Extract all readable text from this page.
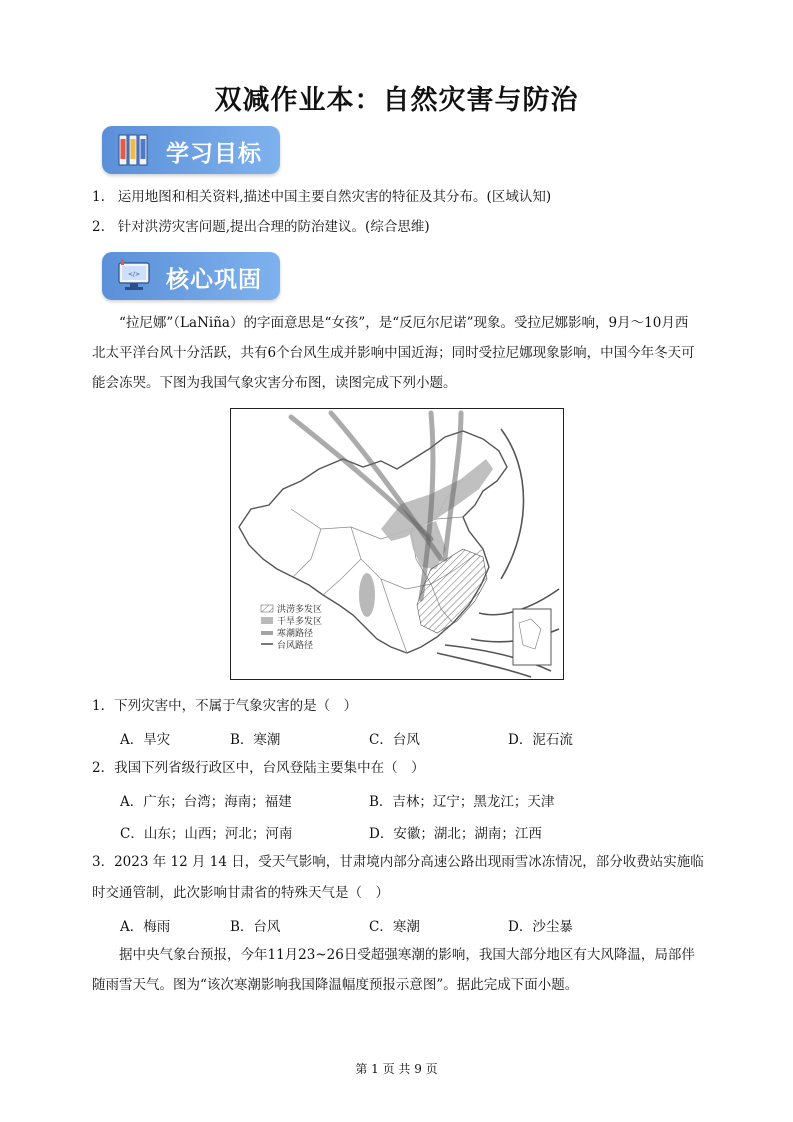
双减作业本：自然灾害与防治
学习目标
1. 运用地图和相关资料,描述中国主要自然灾害的特征及其分布。(区域认知)
2. 针对洪涝灾害问题,提出合理的防治建议。(综合思维)
</> 核心巩固
“拉尼娜”（LaNiña）的字面意思是“女孩”，是“反厄尔尼诺”现象。受拉尼娜影响，9月～10月西北太平洋台风十分活跃，共有6个台风生成并影响中国近海；同时受拉尼娜现象影响，中国今年冬天可能会冻哭。下图为我国气象灾害分布图，读图完成下列小题。
洪涝多发区
干旱多发区
寒潮路径
台风路径
1．下列灾害中，不属于气象灾害的是（　）
A．旱灾	B．寒潮	C．台风	D．泥石流
2．我国下列省级行政区中，台风登陆主要集中在（　）
A．广东；台湾；海南；福建	B．吉林；辽宁；黑龙江；天津
C．山东；山西；河北；河南	D．安徽；湖北；湖南；江西
3．2023 年 12 月 14 日，受天气影响，甘肃境内部分高速公路出现雨雪冰冻情况，部分收费站实施临
时交通管制，此次影响甘肃省的特殊天气是（　）
A．梅雨	B．台风	C．寒潮	D．沙尘暴
据中央气象台预报，今年11月23~26日受超强寒潮的影响，我国大部分地区有大风降温，局部伴随雨雪天气。图为“该次寒潮影响我国降温幅度预报示意图”。据此完成下面小题。
第 1 页 共 9 页
